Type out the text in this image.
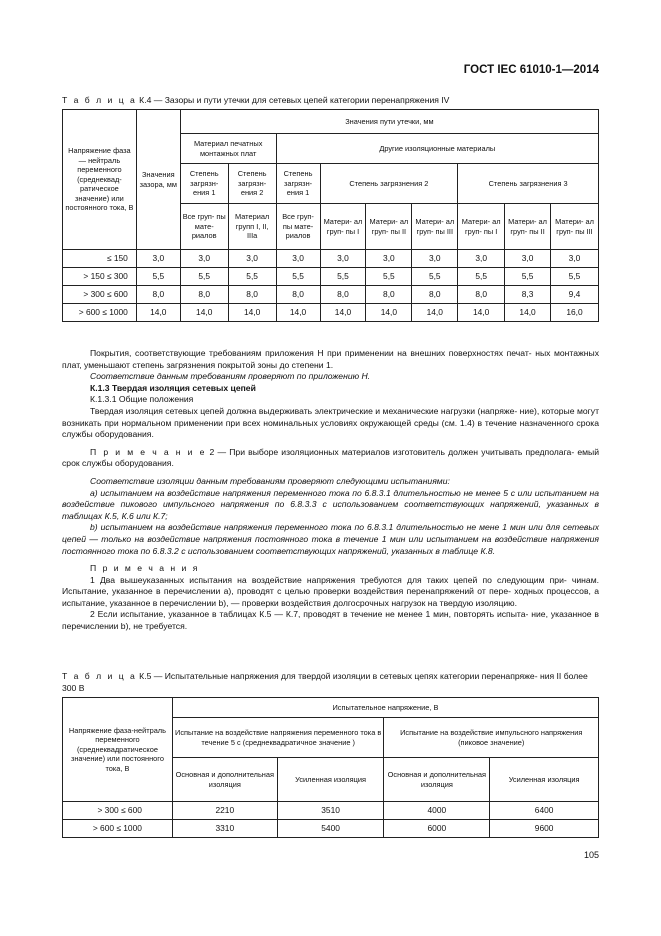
ГОСТ IEC 61010-1—2014
Т а б л и ц а К.4 — Зазоры и пути утечки для сетевых цепей категории перенапряжения IV
Напряжение фаза — нейтраль переменного (среднеквад- ратическое значение) или постоянного тока, В	Значения зазора, мм	Значения пути утечки, мм								
		Материал печатных монтажных плат		Другие изоляционные материалы						
		Степень загрязн- ения 1	Степень загрязн- ения 2	Степень загрязн- ения 1	Степень загрязнения 2			Степень загрязнения 3		
		Все груп- пы мате- риалов	Материал групп I, II, IIIa	Все груп- пы мате- риалов	Матери- ал груп- пы I	Матери- ал груп- пы II	Матери- ал груп- пы III	Матери- ал груп- пы I	Матери- ал груп- пы II	Матери- ал груп- пы III
≤ 150	3,0	3,0	3,0	3,0	3,0	3,0	3,0	3,0	3,0	3,0
> 150 ≤ 300	5,5	5,5	5,5	5,5	5,5	5,5	5,5	5,5	5,5	5,5
> 300 ≤ 600	8,0	8,0	8,0	8,0	8,0	8,0	8,0	8,0	8,3	9,4
> 600 ≤ 1000	14,0	14,0	14,0	14,0	14,0	14,0	14,0	14,0	14,0	16,0

Покрытия, соответствующие требованиям приложения Н при применении на внешних поверхностях печат- ных монтажных плат, уменьшают степень загрязнения покрытой зоны до степени 1.

Соответствие данным требованиям проверяют по приложению Н.

К.1.3 Твердая изоляция сетевых цепей

К.1.3.1 Общие положения

Твердая изоляция сетевых цепей должна выдерживать электрические и механические нагрузки (напряже- ние), которые могут возникать при нормальном применении при всех номинальных условиях окружающей среды (см. 1.4) в течение назначенного срока службы оборудования.

П р и м е ч а н и е 2 — При выборе изоляционных материалов изготовитель должен учитывать предполага- емый срок службы оборудования.

Соответствие изоляции данным требованиям проверяют следующими испытаниями:

а) испытанием на воздействие напряжения переменного тока по 6.8.3.1 длительностью не менее 5 с или испытанием на воздействие пикового импульсного напряжения по 6.8.3.3 с использованием соответствующих напряжений, указанных в таблицах К.5, К.6 или К.7;

b) испытанием на воздействие напряжения переменного тока по 6.8.3.1 длительностью не мене 1 мин или для сетевых цепей — только на воздействие напряжения постоянного тока в течение 1 мин или испытанием на воздействие напряжения постоянного тока по 6.8.3.2 с использованием соответствующих напряжений, указанных в таблице К.8.

П р и м е ч а н и я

1 Два вышеуказанных испытания на воздействие напряжения требуются для таких цепей по следующим при- чинам. Испытание, указанное в перечислении а), проводят с целью проверки воздействия перенапряжений от пере- ходных процессов, а испытание, указанное в перечислении b), — проверки воздействия долгосрочных нагрузок на твердую изоляцию.

2 Если испытание, указанное в таблицах К.5 — К.7, проводят в течение не менее 1 мин, повторять испыта- ние, указанное в перечислении b), не требуется.

Т а б л и ц а К.5 — Испытательные напряжения для твердой изоляции в сетевых цепях категории перенапряже- ния II более 300 В
Напряжение фаза-нейтраль переменного (среднеквадратическое значение) или постоянного тока, В	Испытательное напряжение, В			
	Испытание на воздействие напряжения переменного тока в течение 5 с (среднеквадратичное значение )		Испытание на воздействие импульсного напряжения (пиковое значение)	
	Основная и дополнительная изоляция	Усиленная изоляция	Основная и дополнительная изоляция	Усиленная изоляция
> 300 ≤ 600	2210	3510	4000	6400
> 600 ≤ 1000	3310	5400	6000	9600
105
